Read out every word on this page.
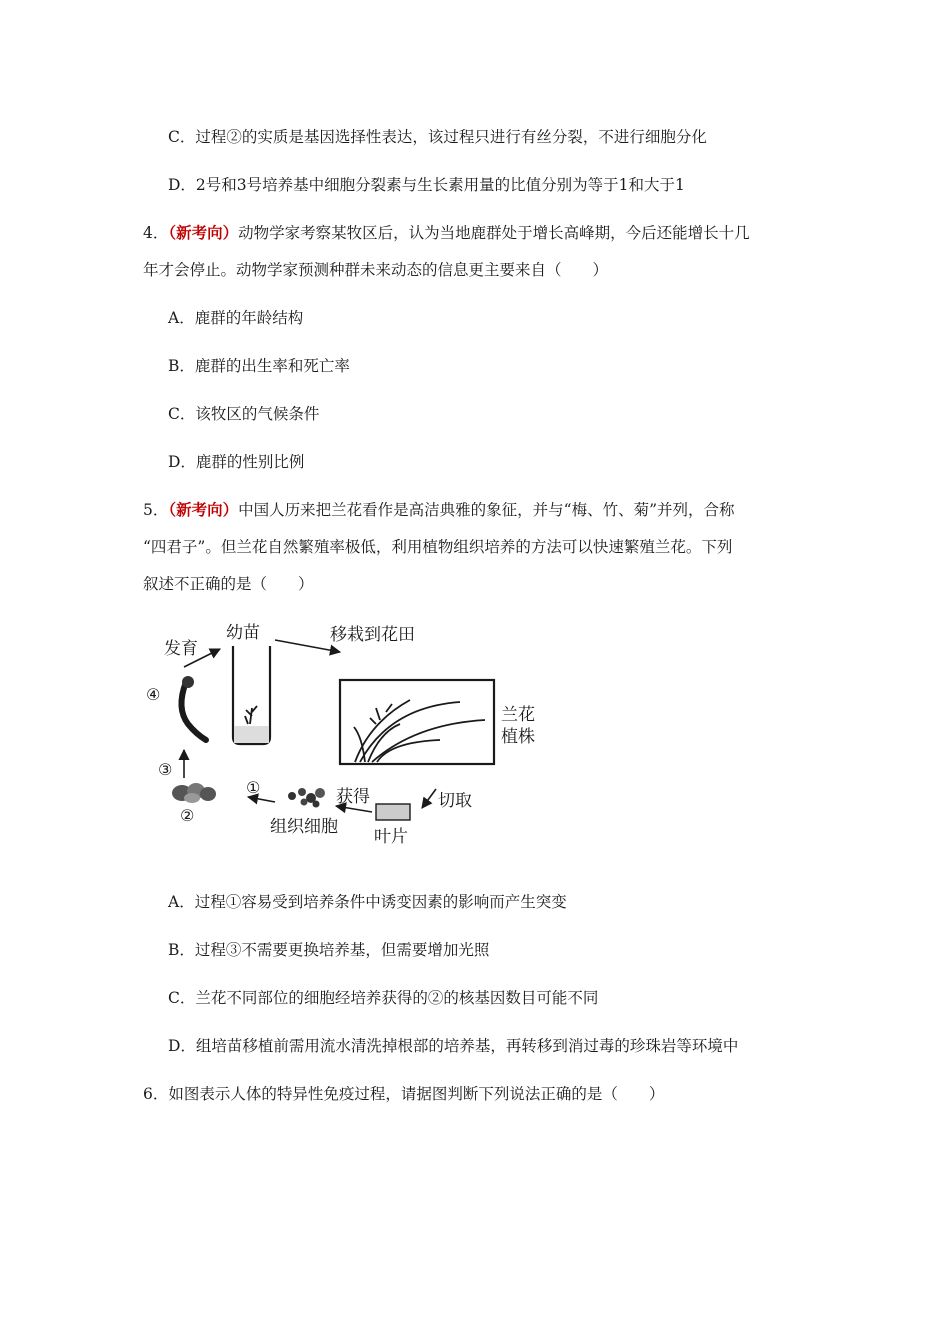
C．过程②的实质是基因选择性表达，该过程只进行有丝分裂，不进行细胞分化
D．2号和3号培养基中细胞分裂素与生长素用量的比值分别为等于1和大于1
4．（新考向）动物学家考察某牧区后，认为当地鹿群处于增长高峰期，今后还能增长十几
年才会停止。动物学家预测种群未来动态的信息更主要来自（　　）
A．鹿群的年龄结构
B．鹿群的出生率和死亡率
C．该牧区的气候条件
D．鹿群的性别比例
5．（新考向）中国人历来把兰花看作是高洁典雅的象征，并与“梅、竹、菊”并列，合称
“四君子”。但兰花自然繁殖率极低，利用植物组织培养的方法可以快速繁殖兰花。下列
叙述不正确的是（　　）
发育
幼苗	移栽到花田
兰花
植株
④
③
②
①
组织细胞
获得
叶片
切取
A．过程①容易受到培养条件中诱变因素的影响而产生突变
B．过程③不需要更换培养基，但需要增加光照
C．兰花不同部位的细胞经培养获得的②的核基因数目可能不同
D．组培苗移植前需用流水清洗掉根部的培养基，再转移到消过毒的珍珠岩等环境中
6．如图表示人体的特异性免疫过程，请据图判断下列说法正确的是（　　）
